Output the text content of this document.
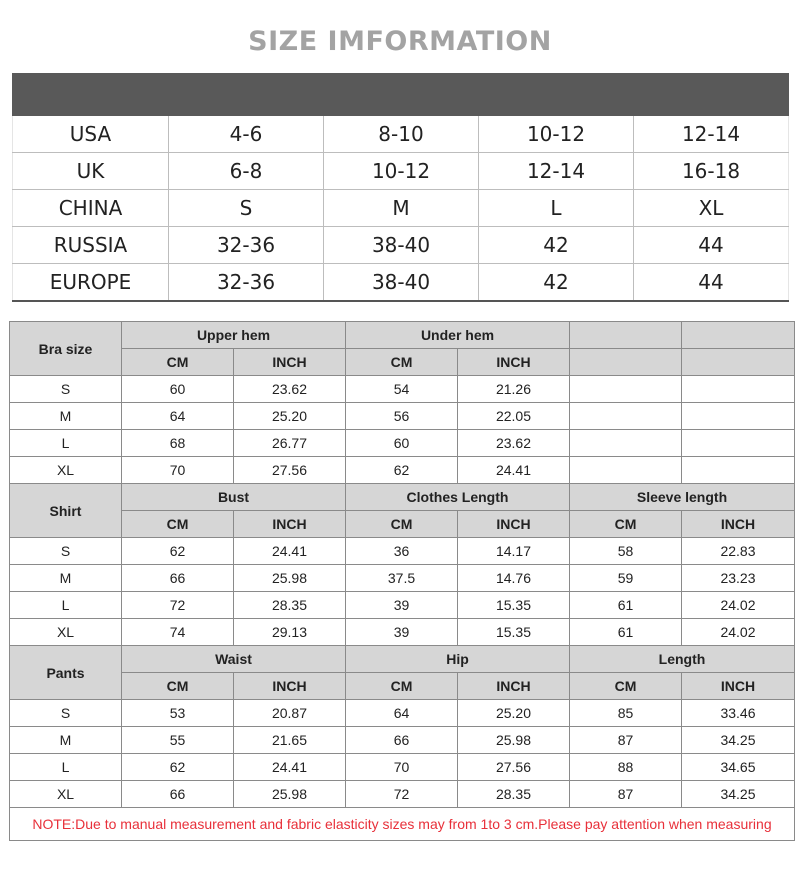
SIZE IMFORMATION

USA	4-6	8-10	10-12	12-14
UK	6-8	10-12	12-14	16-18
CHINA	S	M	L	XL
RUSSIA	32-36	38-40	42	44
EUROPE	32-36	38-40	42	44
Bra size	Upper hem		Under hem			
	CM	INCH	CM	INCH		
S	60	23.62	54	21.26		
M	64	25.20	56	22.05		
L	68	26.77	60	23.62		
XL	70	27.56	62	24.41		
Shirt	Bust		Clothes Length		Sleeve length	
	CM	INCH	CM	INCH	CM	INCH
S	62	24.41	36	14.17	58	22.83
M	66	25.98	37.5	14.76	59	23.23
L	72	28.35	39	15.35	61	24.02
XL	74	29.13	39	15.35	61	24.02
Pants	Waist		Hip		Length	
	CM	INCH	CM	INCH	CM	INCH
S	53	20.87	64	25.20	85	33.46
M	55	21.65	66	25.98	87	34.25
L	62	24.41	70	27.56	88	34.65
XL	66	25.98	72	28.35	87	34.25
NOTE:Due to manual measurement and fabric elasticity sizes may from 1to 3 cm.Please pay attention when measuring						
